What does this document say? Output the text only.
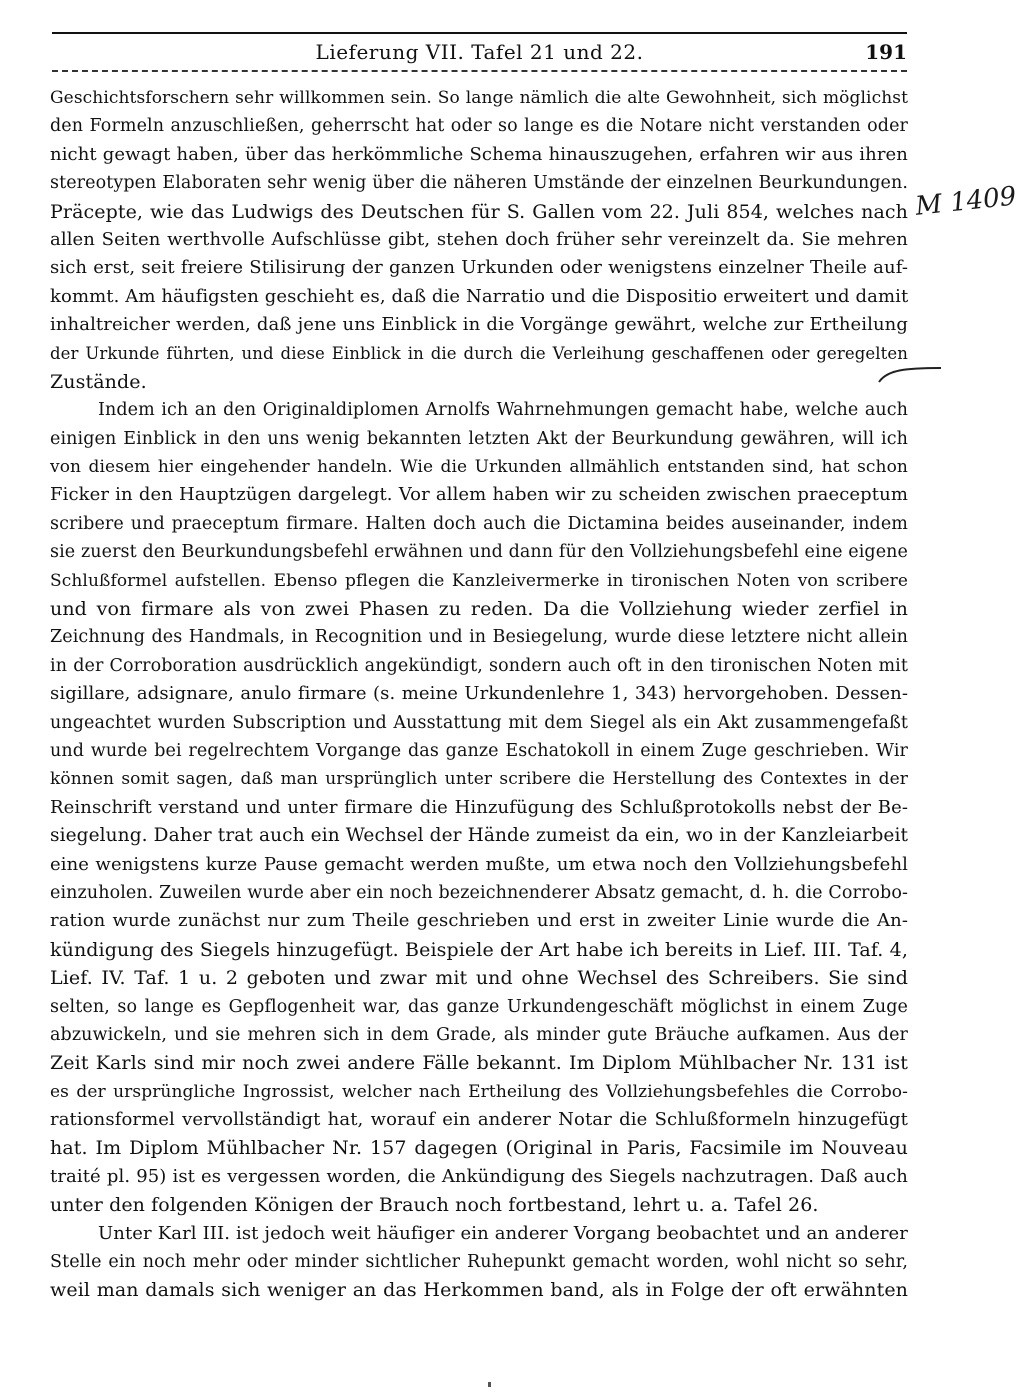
Lieferung VII. Tafel 21 und 22.	191
M 1409
Geschichtsforschern sehr willkommen sein. So lange nämlich die alte Gewohnheit, sich möglichst
den Formeln anzuschließen, geherrscht hat oder so lange es die Notare nicht verstanden oder
nicht gewagt haben, über das herkömmliche Schema hinauszugehen, erfahren wir aus ihren
stereotypen Elaboraten sehr wenig über die näheren Umstände der einzelnen Beurkundungen.
Präcepte, wie das Ludwigs des Deutschen für S. Gallen vom 22. Juli 854, welches nach
allen Seiten werthvolle Aufschlüsse gibt, stehen doch früher sehr vereinzelt da. Sie mehren
sich erst, seit freiere Stilisirung der ganzen Urkunden oder wenigstens einzelner Theile auf-
kommt. Am häufigsten geschieht es, daß die Narratio und die Dispositio erweitert und damit
inhaltreicher werden, daß jene uns Einblick in die Vorgänge gewährt, welche zur Ertheilung
der Urkunde führten, und diese Einblick in die durch die Verleihung geschaffenen oder geregelten
Zustände.
Indem ich an den Originaldiplomen Arnolfs Wahrnehmungen gemacht habe, welche auch
einigen Einblick in den uns wenig bekannten letzten Akt der Beurkundung gewähren, will ich
von diesem hier eingehender handeln. Wie die Urkunden allmählich entstanden sind, hat schon
Ficker in den Hauptzügen dargelegt. Vor allem haben wir zu scheiden zwischen praeceptum
scribere und praeceptum firmare. Halten doch auch die Dictamina beides auseinander, indem
sie zuerst den Beurkundungsbefehl erwähnen und dann für den Vollziehungsbefehl eine eigene
Schlußformel aufstellen. Ebenso pflegen die Kanzleivermerke in tironischen Noten von scribere
und von firmare als von zwei Phasen zu reden. Da die Vollziehung wieder zerfiel in
Zeichnung des Handmals, in Recognition und in Besiegelung, wurde diese letztere nicht allein
in der Corroboration ausdrücklich angekündigt, sondern auch oft in den tironischen Noten mit
sigillare, adsignare, anulo firmare (s. meine Urkundenlehre 1, 343) hervorgehoben. Dessen-
ungeachtet wurden Subscription und Ausstattung mit dem Siegel als ein Akt zusammengefaßt
und wurde bei regelrechtem Vorgange das ganze Eschatokoll in einem Zuge geschrieben. Wir
können somit sagen, daß man ursprünglich unter scribere die Herstellung des Contextes in der
Reinschrift verstand und unter firmare die Hinzufügung des Schlußprotokolls nebst der Be-
siegelung. Daher trat auch ein Wechsel der Hände zumeist da ein, wo in der Kanzleiarbeit
eine wenigstens kurze Pause gemacht werden mußte, um etwa noch den Vollziehungsbefehl
einzuholen. Zuweilen wurde aber ein noch bezeichnenderer Absatz gemacht, d. h. die Corrobo-
ration wurde zunächst nur zum Theile geschrieben und erst in zweiter Linie wurde die An-
kündigung des Siegels hinzugefügt. Beispiele der Art habe ich bereits in Lief. III. Taf. 4,
Lief. IV. Taf. 1 u. 2 geboten und zwar mit und ohne Wechsel des Schreibers. Sie sind
selten, so lange es Gepflogenheit war, das ganze Urkundengeschäft möglichst in einem Zuge
abzuwickeln, und sie mehren sich in dem Grade, als minder gute Bräuche aufkamen. Aus der
Zeit Karls sind mir noch zwei andere Fälle bekannt. Im Diplom Mühlbacher Nr. 131 ist
es der ursprüngliche Ingrossist, welcher nach Ertheilung des Vollziehungsbefehles die Corrobo-
rationsformel vervollständigt hat, worauf ein anderer Notar die Schlußformeln hinzugefügt
hat. Im Diplom Mühlbacher Nr. 157 dagegen (Original in Paris, Facsimile im Nouveau
traité pl. 95) ist es vergessen worden, die Ankündigung des Siegels nachzutragen. Daß auch
unter den folgenden Königen der Brauch noch fortbestand, lehrt u. a. Tafel 26.
Unter Karl III. ist jedoch weit häufiger ein anderer Vorgang beobachtet und an anderer
Stelle ein noch mehr oder minder sichtlicher Ruhepunkt gemacht worden, wohl nicht so sehr,
weil man damals sich weniger an das Herkommen band, als in Folge der oft erwähnten
